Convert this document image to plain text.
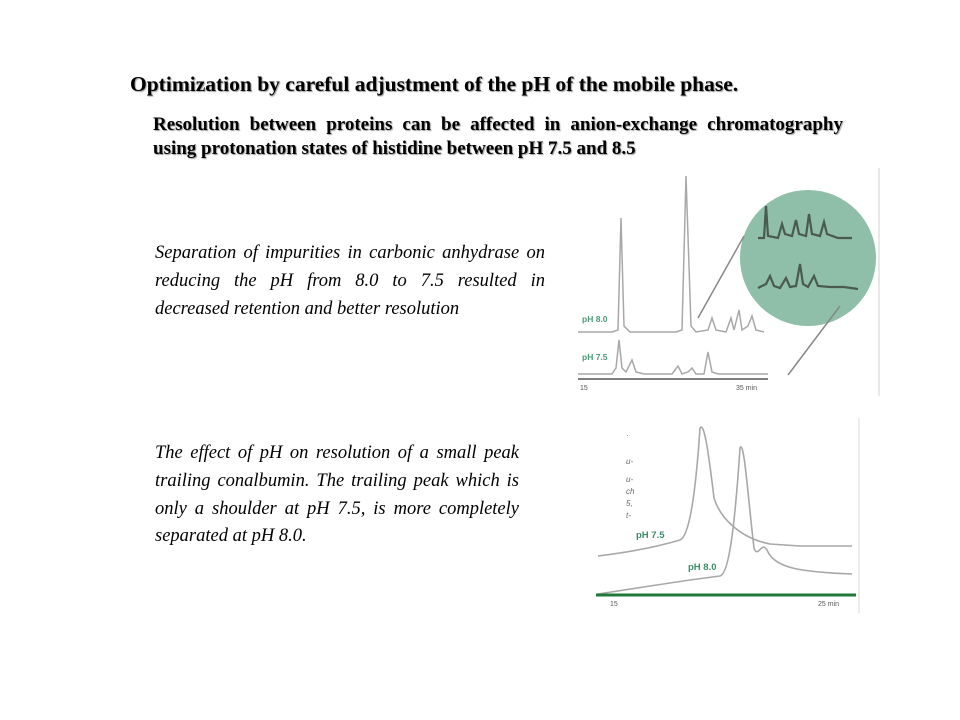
Optimization by careful adjustment of the pH of the mobile phase.
Resolution between proteins can be affected in anion-exchange chromatography using protonation states of histidine between pH 7.5 and 8.5
Separation of impurities in carbonic anhydrase on reducing the pH from 8.0 to 7.5 resulted in decreased retention and better resolution
The effect of pH on resolution of a small peak trailing conalbumin. The trailing peak which is only a shoulder at pH 7.5, is more completely separated at pH 8.0.
pH 8.0
pH 7.5
15	35 min
·
u-
u-
ch
5,
t-
pH 7.5
pH 8.0
15	25 min
